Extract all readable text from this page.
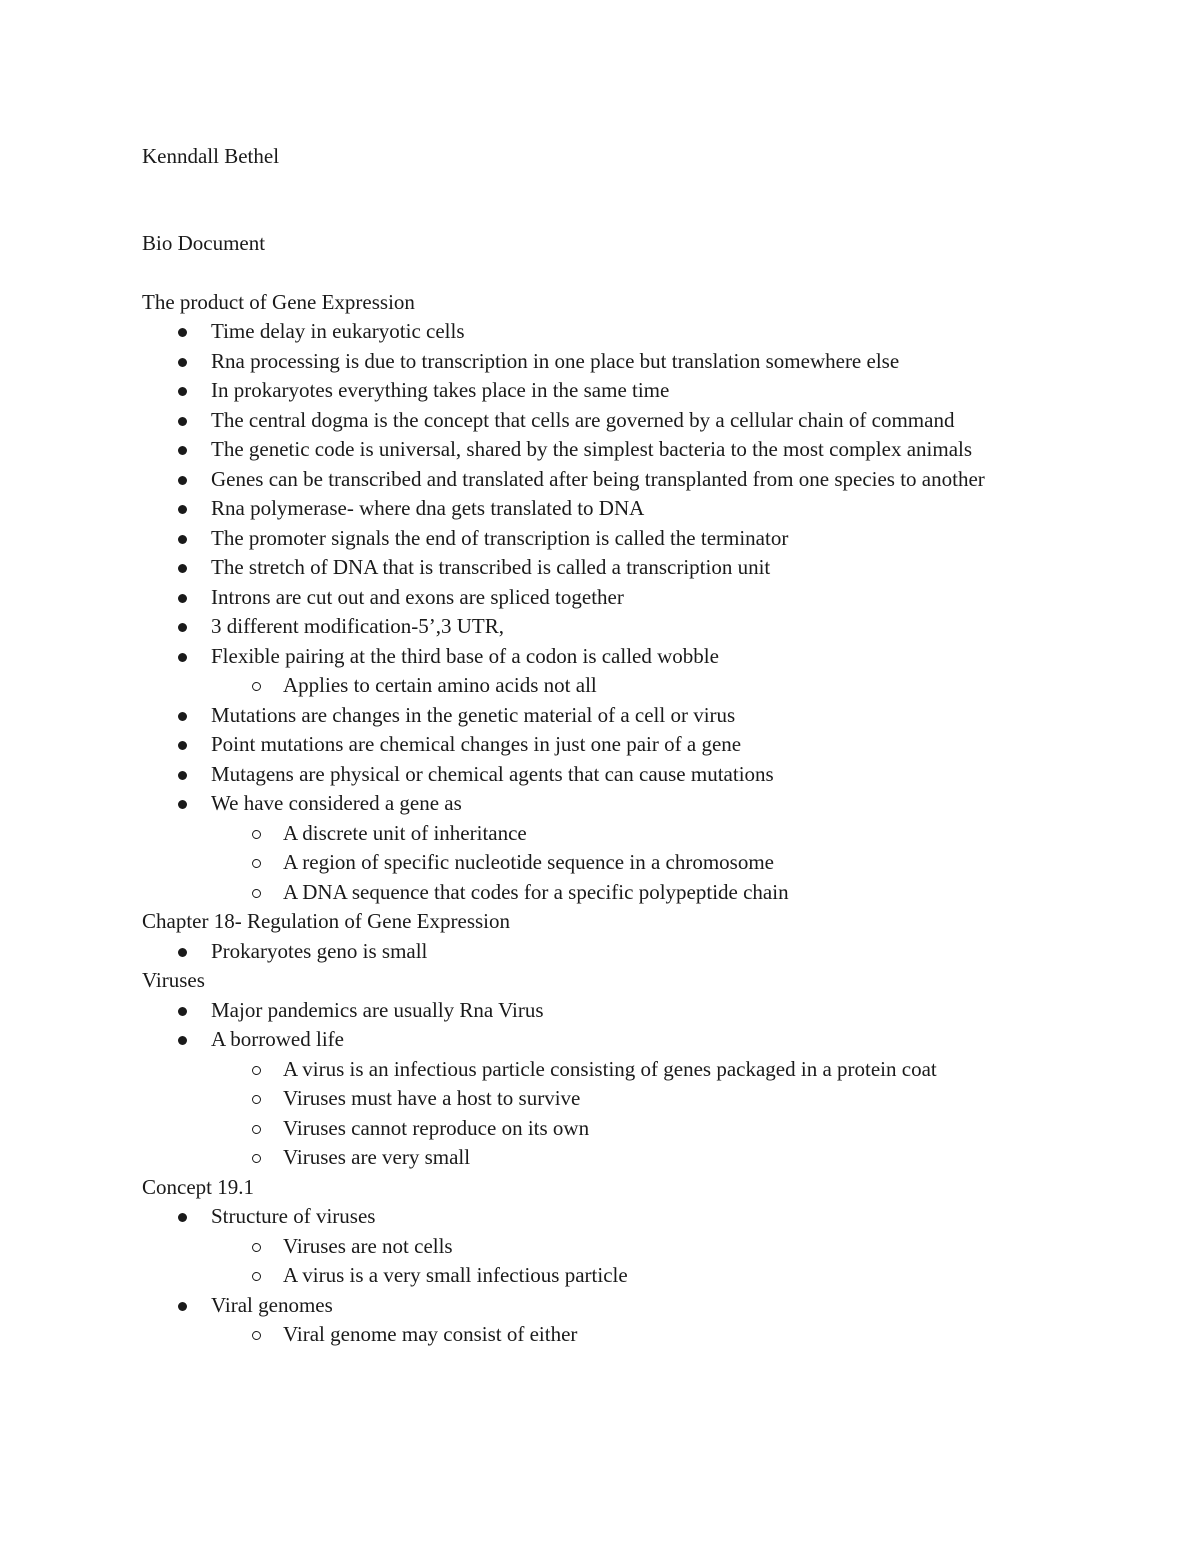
Kenndall Bethel
Bio Document
The product of Gene Expression
Time delay in eukaryotic cells
Rna processing is due to transcription in one place but translation somewhere else
In prokaryotes everything takes place in the same time
The central dogma is the concept that cells are governed by a cellular chain of command
The genetic code is universal, shared by the simplest bacteria to the most complex animals
Genes can be transcribed and translated after being transplanted from one species to another
Rna polymerase- where dna gets translated to DNA
The promoter signals the end of transcription is called the terminator
The stretch of DNA that is transcribed is called a transcription unit
Introns are cut out and exons are spliced together
3 different modification-5’,3 UTR,
Flexible pairing at the third base of a codon is called wobble
Applies to certain amino acids not all
Mutations are changes in the genetic material of a cell or virus
Point mutations are chemical changes in just one pair of a gene
Mutagens are physical or chemical agents that can cause mutations
We have considered a gene as
A discrete unit of inheritance
A region of specific nucleotide sequence in a chromosome
A DNA sequence that codes for a specific polypeptide chain
Chapter 18- Regulation of Gene Expression
Prokaryotes geno is small
Viruses
Major pandemics are usually Rna Virus
A borrowed life
A virus is an infectious particle consisting of genes packaged in a protein coat
Viruses must have a host to survive
Viruses cannot reproduce on its own
Viruses are very small
Concept 19.1
Structure of viruses
Viruses are not cells
A virus is a very small infectious particle
Viral genomes
Viral genome may consist of either
